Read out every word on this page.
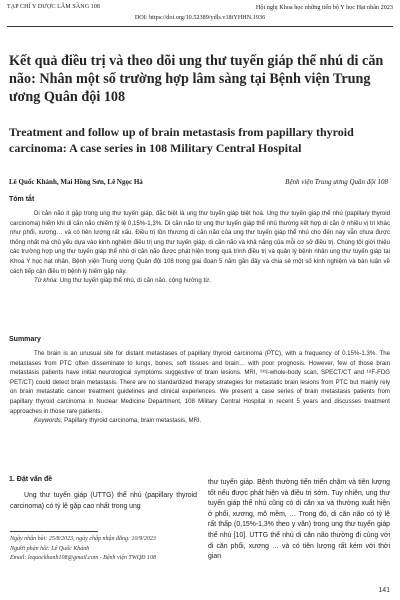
TẠP CHÍ Y DƯỢC LÂM SÀNG 108	Hội nghị Khoa học những tiến bộ Y học Hạt nhân 2023
DOI: https://doi.org/10.52389/ydls.v18iYHHN.1936
Kết quả điều trị và theo dõi ung thư tuyến giáp thể nhú di căn não: Nhân một số trường hợp lâm sàng tại Bệnh viện Trung ương Quân đội 108
Treatment and follow up of brain metastasis from papillary thyroid carcinoma: A case series in 108 Military Central Hospital
Lê Quốc Khánh, Mai Hồng Sơn, Lê Ngọc Hà	Bệnh viện Trung ương Quân đội 108
Tóm tắt

Di căn não ít gặp trong ung thư tuyến giáp, đặc biệt là ung thư tuyến giáp biệt hoá. Ung thư tuyến giáp thể nhú (papillary thyroid carcinoma) hiếm khi di căn não chiếm tỷ lệ 0,15%-1,3%. Di căn não từ ung thư tuyến giáp thể nhú thường kết hợp di căn ở nhiều vị trí khác như phổi, xương… và có tiên lượng rất xấu. Điều trị tồn thương di căn não của ung thư tuyến giáp thể nhú cho đến nay vẫn chưa được thống nhất mà chủ yếu dựa vào kinh nghiệm điều trị ung thư tuyến giáp, di căn não và khả năng của mỗi cơ sở điều trị. Chúng tôi giới thiệu các trường hợp ung thư tuyến giáp thể nhú di căn não được phát hiện trong quá trình điều trị và quản lý bệnh nhân ung thư tuyến giáp tại Khoa Y học hạt nhân, Bệnh viện Trung ương Quân đội 108 trong giai đoạn 5 năm gần đây và chia sẻ một số kinh nghiệm và bàn luận về cách tiếp cận điều trị bệnh lý hiếm gặp này.

Từ khóa: Ung thư tuyến giáp thể nhú, di căn não, cộng hưởng từ.
Summary

The brain is an unusual site for distant metastases of papillary thyroid carcinoma (PTC), with a frequency of 0.15%-1.3%. The metastases from PTC often disseminate to lungs, bones, soft tissues and brain… with poor prognosis. However, few of those brain metastasis patients have initial neurological symptoms suggestive of brain lesions. MRI, ¹³¹I-whole-body scan, SPECT/CT and ¹⁸F-FDG PET/CT) could detect brain metastasis. There are no standardized therapy strategies for metastatic brain lesions from PTC but mainly rely on brain metastatic cancer treatment guidelines and clinical experiences. We present a case series of brain metastasis patients from papillary thyroid carcinoma in Nuclear Medicine Department, 108 Military Central Hospital in recent 5 years and discusses treatment approaches in those rare patients.

Keywords: Papillary thyroid carcinoma, brain metastasis, MRI.
1. Đặt vấn đề

Ung thư tuyến giáp (UTTG) thể nhú (papillary thyroid carcinoma) có tỷ lệ gặp cao nhất trong ung

thư tuyến giáp. Bệnh thường tiến triển chậm và tiên lượng tốt nếu được phát hiện và điều trị sớm. Tuy nhiên, ung thư tuyến giáp thể nhú cũng có di căn xa và thường xuất hiện ở phổi, xương, mô mềm, … Trong đó, di căn não có tỷ lệ rất thấp (0,15%-1,3% theo y văn) trong ung thư tuyến giáp thể nhú [10]. UTTG thể nhú di căn não thường đi cùng với di căn phổi, xương … và có tiên lượng rất kém với thời gian

Ngày nhận bài: 25/8/2023, ngày chấp nhận đăng: 10/9/2023
Người phản hồi: Lê Quốc Khánh
Email: lequockhanh108@gmail.com - Bệnh viện TWQĐ 108
141
